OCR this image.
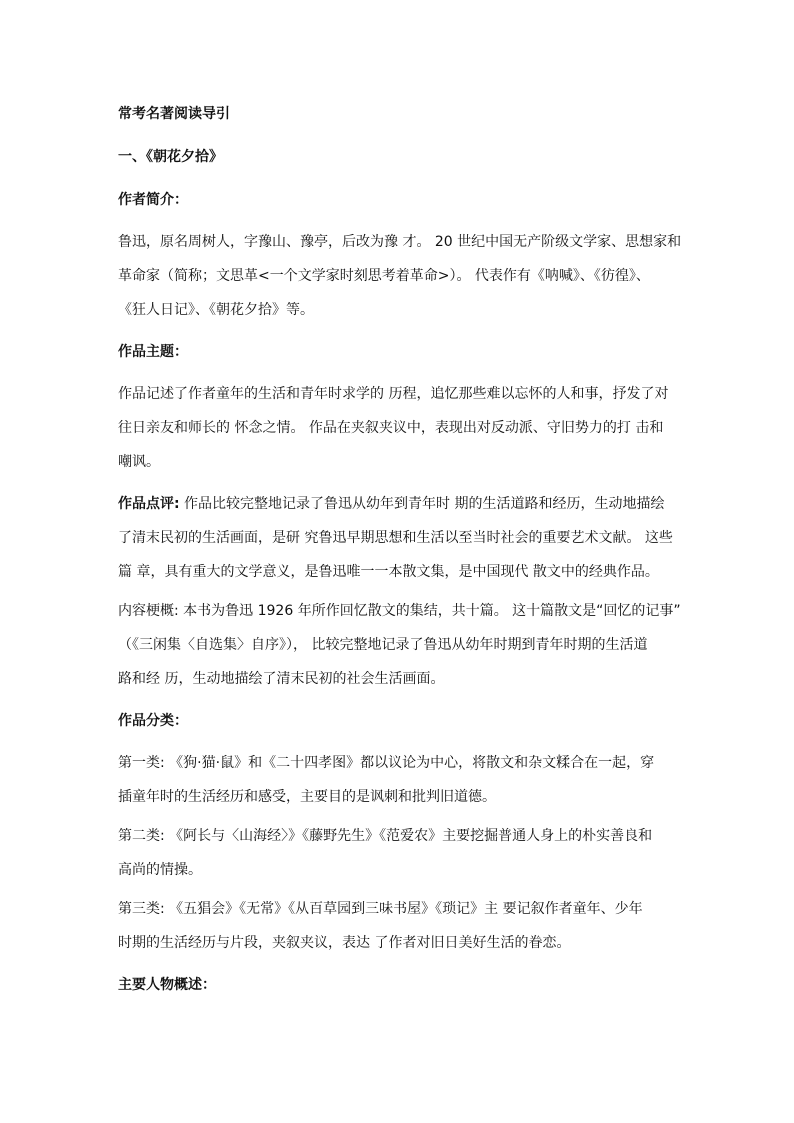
常考名著阅读导引

一、《朝花夕拾》

作者简介：

鲁迅，原名周树人，字豫山、豫亭，后改为豫 才。 20 世纪中国无产阶级文学家、思想家和

革命家（简称；文思革<一个文学家时刻思考着革命>）。 代表作有《呐喊》、《彷徨》、

《狂人日记》、《朝花夕拾》等。

作品主题：

作品记述了作者童年的生活和青年时求学的 历程，追忆那些难以忘怀的人和事，抒发了对

往日亲友和师长的 怀念之情。 作品在夹叙夹议中，表现出对反动派、守旧势力的打 击和

嘲讽。

作品点评: 作品比较完整地记录了鲁迅从幼年到青年时 期的生活道路和经历，生动地描绘

了清末民初的生活画面，是研 究鲁迅早期思想和生活以至当时社会的重要艺术文献。 这些

篇 章，具有重大的文学意义，是鲁迅唯一一本散文集，是中国现代 散文中的经典作品。

内容梗概: 本书为鲁迅 1926 年所作回忆散文的集结，共十篇。 这十篇散文是“回忆的记事”

（《三闲集〈自选集〉自序》）， 比较完整地记录了鲁迅从幼年时期到青年时期的生活道

路和经 历，生动地描绘了清末民初的社会生活画面。

作品分类：

第一类: 《狗·猫·鼠》和《二十四孝图》都以议论为中心，将散文和杂文糅合在一起，穿

插童年时的生活经历和感受，主要目的是讽刺和批判旧道德。

第二类: 《阿长与〈山海经〉》《藤野先生》《范爱农》主要挖掘普通人身上的朴实善良和

高尚的情操。

第三类: 《五猖会》《无常》《从百草园到三味书屋》《琐记》主 要记叙作者童年、少年

时期的生活经历与片段，夹叙夹议，表达 了作者对旧日美好生活的眷恋。

主要人物概述：
